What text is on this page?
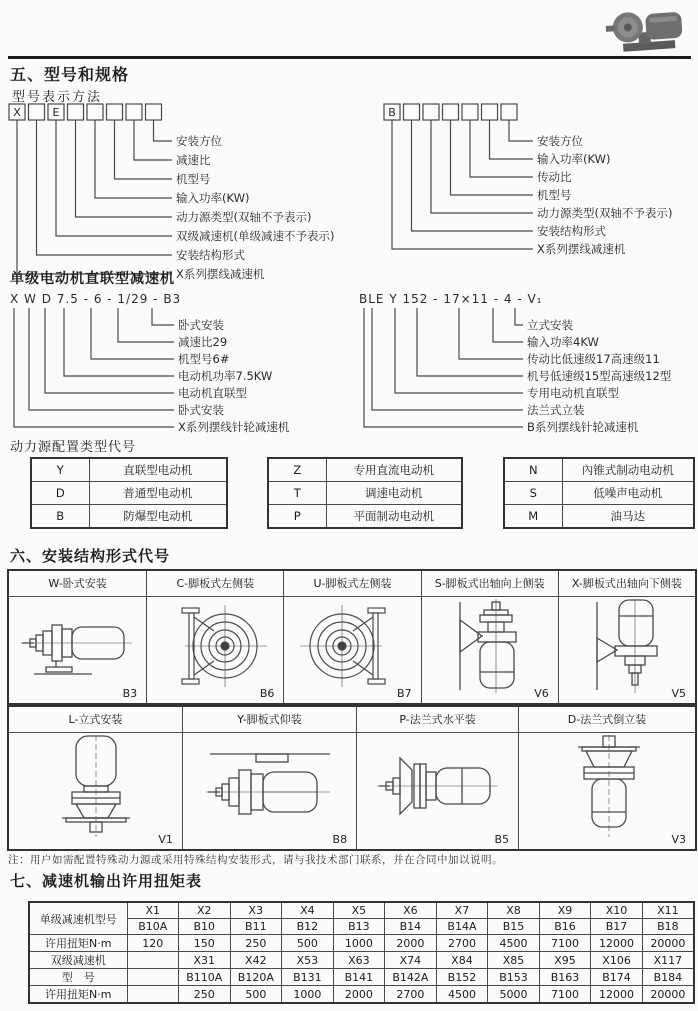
五、型号和规格
型号表示方法
X	E
安装方位
减速比
机型号
输入功率(KW)
动力源类型(双轴不予表示)
双级减速机(单级减速不予表示)
安装结构形式
X系列摆线减速机
B
安装方位
输入功率(KW)
传动比
机型号
动力源类型(双轴不予表示)
安装结构形式
X系列摆线减速机
单级电动机直联型减速机
X W D 7.5 - 6 - 1/29 - B3
卧式安装
减速比29
机型号6#
电动机功率7.5KW
电动机直联型
卧式安装
X系列摆线针轮减速机
BLE Y 152 - 17×11 - 4 - V₁
立式安装
输入功率4KW
传动比低速级17高速级11
机号低速级15型高速级12型
专用电动机直联型
法兰式立装
B系列摆线针轮减速机
动力源配置类型代号
Y	直联型电动机
D	普通型电动机
B	防爆型电动机
Z	专用直流电动机
T	调速电动机
P	平面制动电动机
N	內锥式制动电动机
S	低噪声电动机
M	油马达
六、安装结构形式代号
W-卧式安装	C-脚板式左侧装	U-脚板式左侧装	S-脚板式出轴向上侧装	X-脚板式出轴向下侧装
B3	B6	B7	V6	V5
L-立式安装	Y-脚板式仰装	P-法兰式水平装	D-法兰式倒立装
V1	B8	B5	V3
注：用户如需配置特殊动力源或采用特殊结构安装形式，请与我技术部门联系，并在合同中加以说明。
七、减速机输出许用扭矩表
单级减速机型号	X1	X2	X3	X4	X5	X6	X7	X8	X9	X10	X11
	B10A	B10	B11	B12	B13	B14	B14A	B15	B16	B17	B18
许用扭矩N·m	120	150	250	500	1000	2000	2700	4500	7100	12000	20000
双级减速机		X31	X42	X53	X63	X74	X84	X85	X95	X106	X117
型　号		B110A	B120A	B131	B141	B142A	B152	B153	B163	B174	B184
许用扭矩N·m		250	500	1000	2000	2700	4500	5000	7100	12000	20000
